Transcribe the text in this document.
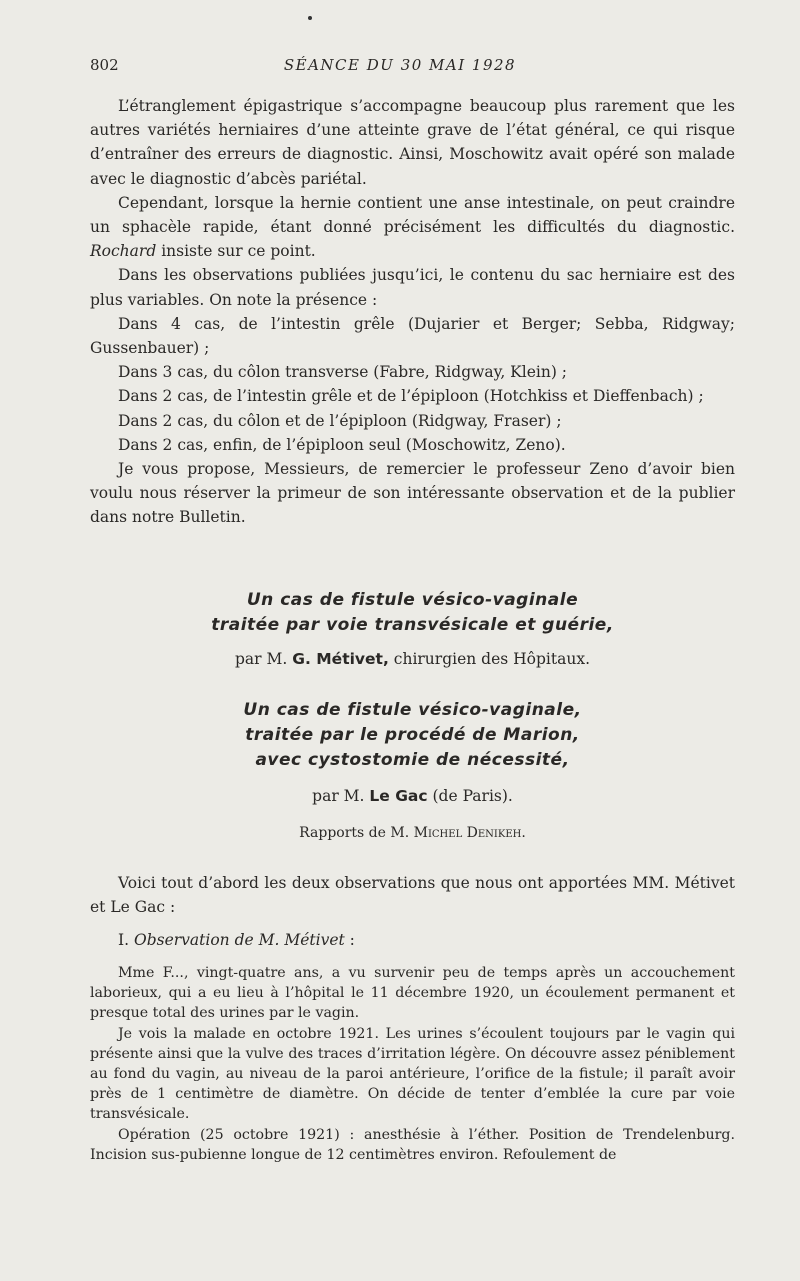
802	SÉANCE DU 30 MAI 1928

L’étranglement épigastrique s’accompagne beaucoup plus rarement que les autres variétés herniaires d’une atteinte grave de l’état général, ce qui risque d’entraîner des erreurs de diagnostic. Ainsi, Moschowitz avait opéré son malade avec le diagnostic d’abcès pariétal.

Cependant, lorsque la hernie contient une anse intestinale, on peut craindre un sphacèle rapide, étant donné précisément les difficultés du diagnostic. Rochard insiste sur ce point.

Dans les observations publiées jusqu’ici, le contenu du sac herniaire est des plus variables. On note la présence :

Dans 4 cas, de l’intestin grêle (Dujarier et Berger; Sebba, Ridgway; Gussenbauer) ;

Dans 3 cas, du côlon transverse (Fabre, Ridgway, Klein) ;

Dans 2 cas, de l’intestin grêle et de l’épiploon (Hotchkiss et Dieffenbach) ;

Dans 2 cas, du côlon et de l’épiploon (Ridgway, Fraser) ;

Dans 2 cas, enfin, de l’épiploon seul (Moschowitz, Zeno).

Je vous propose, Messieurs, de remercier le professeur Zeno d’avoir bien voulu nous réserver la primeur de son intéressante observation et de la publier dans notre Bulletin.

Un cas de fistule vésico-vaginale

traitée par voie transvésicale et guérie,

par M. G. Métivet, chirurgien des Hôpitaux.

Un cas de fistule vésico-vaginale,

traitée par le procédé de Marion,

avec cystostomie de nécessité,

par M. Le Gac (de Paris).

Rapports de M. Michel Denikeh.

Voici tout d’abord les deux observations que nous ont apportées MM. Métivet et Le Gac :

I. Observation de M. Métivet :

Mme F..., vingt-quatre ans, a vu survenir peu de temps après un accouchement laborieux, qui a eu lieu à l’hôpital le 11 décembre 1920, un écoulement permanent et presque total des urines par le vagin.

Je vois la malade en octobre 1921. Les urines s’écoulent toujours par le vagin qui présente ainsi que la vulve des traces d’irritation légère. On découvre assez péniblement au fond du vagin, au niveau de la paroi antérieure, l’orifice de la fistule; il paraît avoir près de 1 centimètre de diamètre. On décide de tenter d’emblée la cure par voie transvésicale.

Opération (25 octobre 1921) : anesthésie à l’éther. Position de Trendelenburg. Incision sus-pubienne longue de 12 centimètres environ. Refoulement de
